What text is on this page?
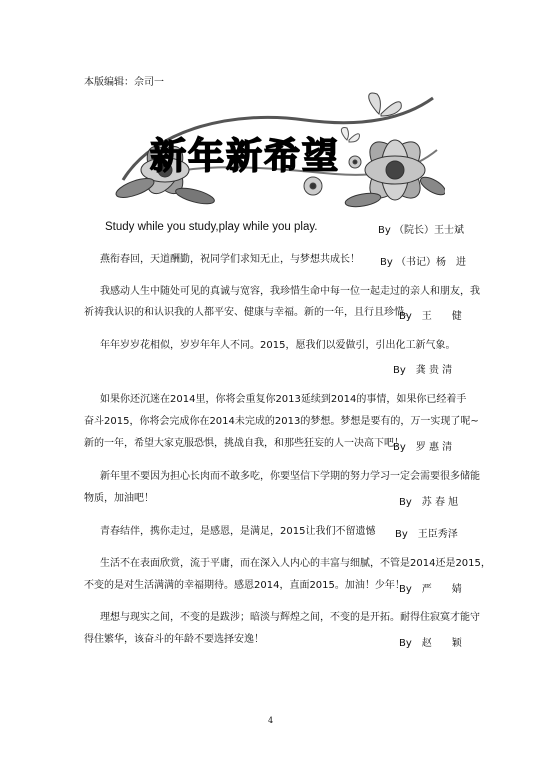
本版编辑：佘司一
新年新希望
Study while you study,play while you play.	By （院长）王士斌
燕衔春回，天道酬勤，祝同学们求知无止，与梦想共成长！ By （书记）杨　进
我感动人生中随处可见的真诚与宽容，我珍惜生命中每一位一起走过的亲人和朋友，我
祈祷我认识的和认识我的人都平安、健康与幸福。新的一年，且行且珍惜。
By　王　　健
年年岁岁花相似，岁岁年年人不同。2015，愿我们以爱做引，引出化工新气象。
By　龚 贵 清
如果你还沉迷在2014里，你将会重复你2013延续到2014的事情，如果你已经着手
奋斗2015，你将会完成你在2014未完成的2013的梦想。梦想是要有的，万一实现了呢~
新的一年，希望大家克服恐惧，挑战自我，和那些狂妄的人一决高下吧！
By　罗 惠 清
新年里不要因为担心长肉而不敢多吃，你要坚信下学期的努力学习一定会需要很多储能
物质，加油吧！	By　苏 春 旭
青春结伴，携你走过，是感恩，是满足，2015让我们不留遗憾 By　王臣秀泽
生活不在表面欣赏，流于平庸，而在深入人内心的丰富与细腻，不管是2014还是2015，
不变的是对生活满满的幸福期待。感恩2014，直面2015。加油！少年！
By　严　　婧
理想与现实之间，不变的是跋涉；暗淡与辉煌之间，不变的是开拓。耐得住寂寞才能守
得住繁华，该奋斗的年龄不要选择安逸！	By　赵　　颖
4
